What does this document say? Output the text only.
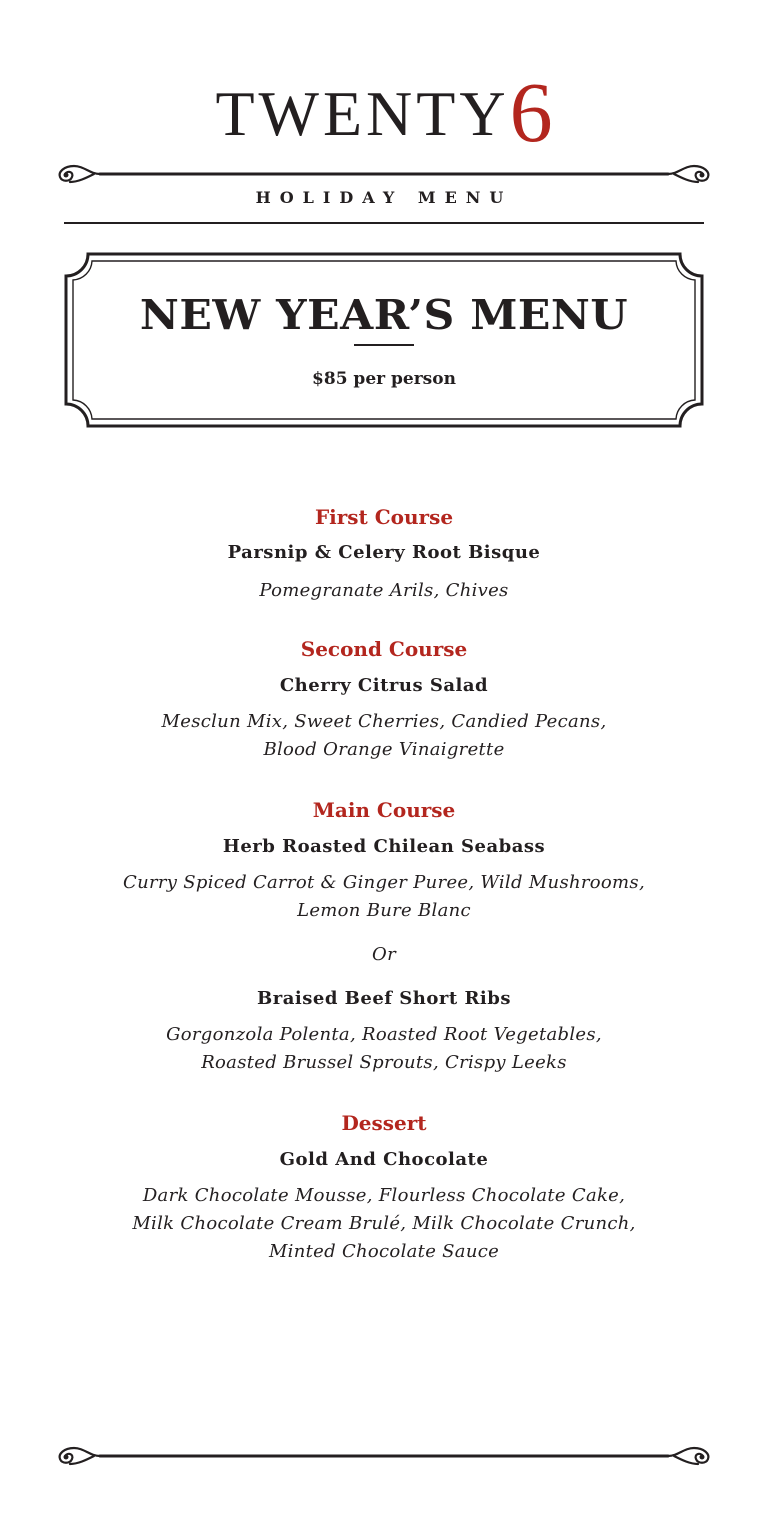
TWENTY6
HOLIDAY MENU
NEW YEAR’S MENU
$85 per person
First Course
Parsnip & Celery Root Bisque
Pomegranate Arils, Chives
Second Course
Cherry Citrus Salad
Mesclun Mix, Sweet Cherries, Candied Pecans,
Blood Orange Vinaigrette
Main Course
Herb Roasted Chilean Seabass
Curry Spiced Carrot & Ginger Puree, Wild Mushrooms,
Lemon Bure Blanc
Or
Braised Beef Short Ribs
Gorgonzola Polenta, Roasted Root Vegetables,
Roasted Brussel Sprouts, Crispy Leeks
Dessert
Gold And Chocolate
Dark Chocolate Mousse, Flourless Chocolate Cake,
Milk Chocolate Cream Brulé, Milk Chocolate Crunch,
Minted Chocolate Sauce
